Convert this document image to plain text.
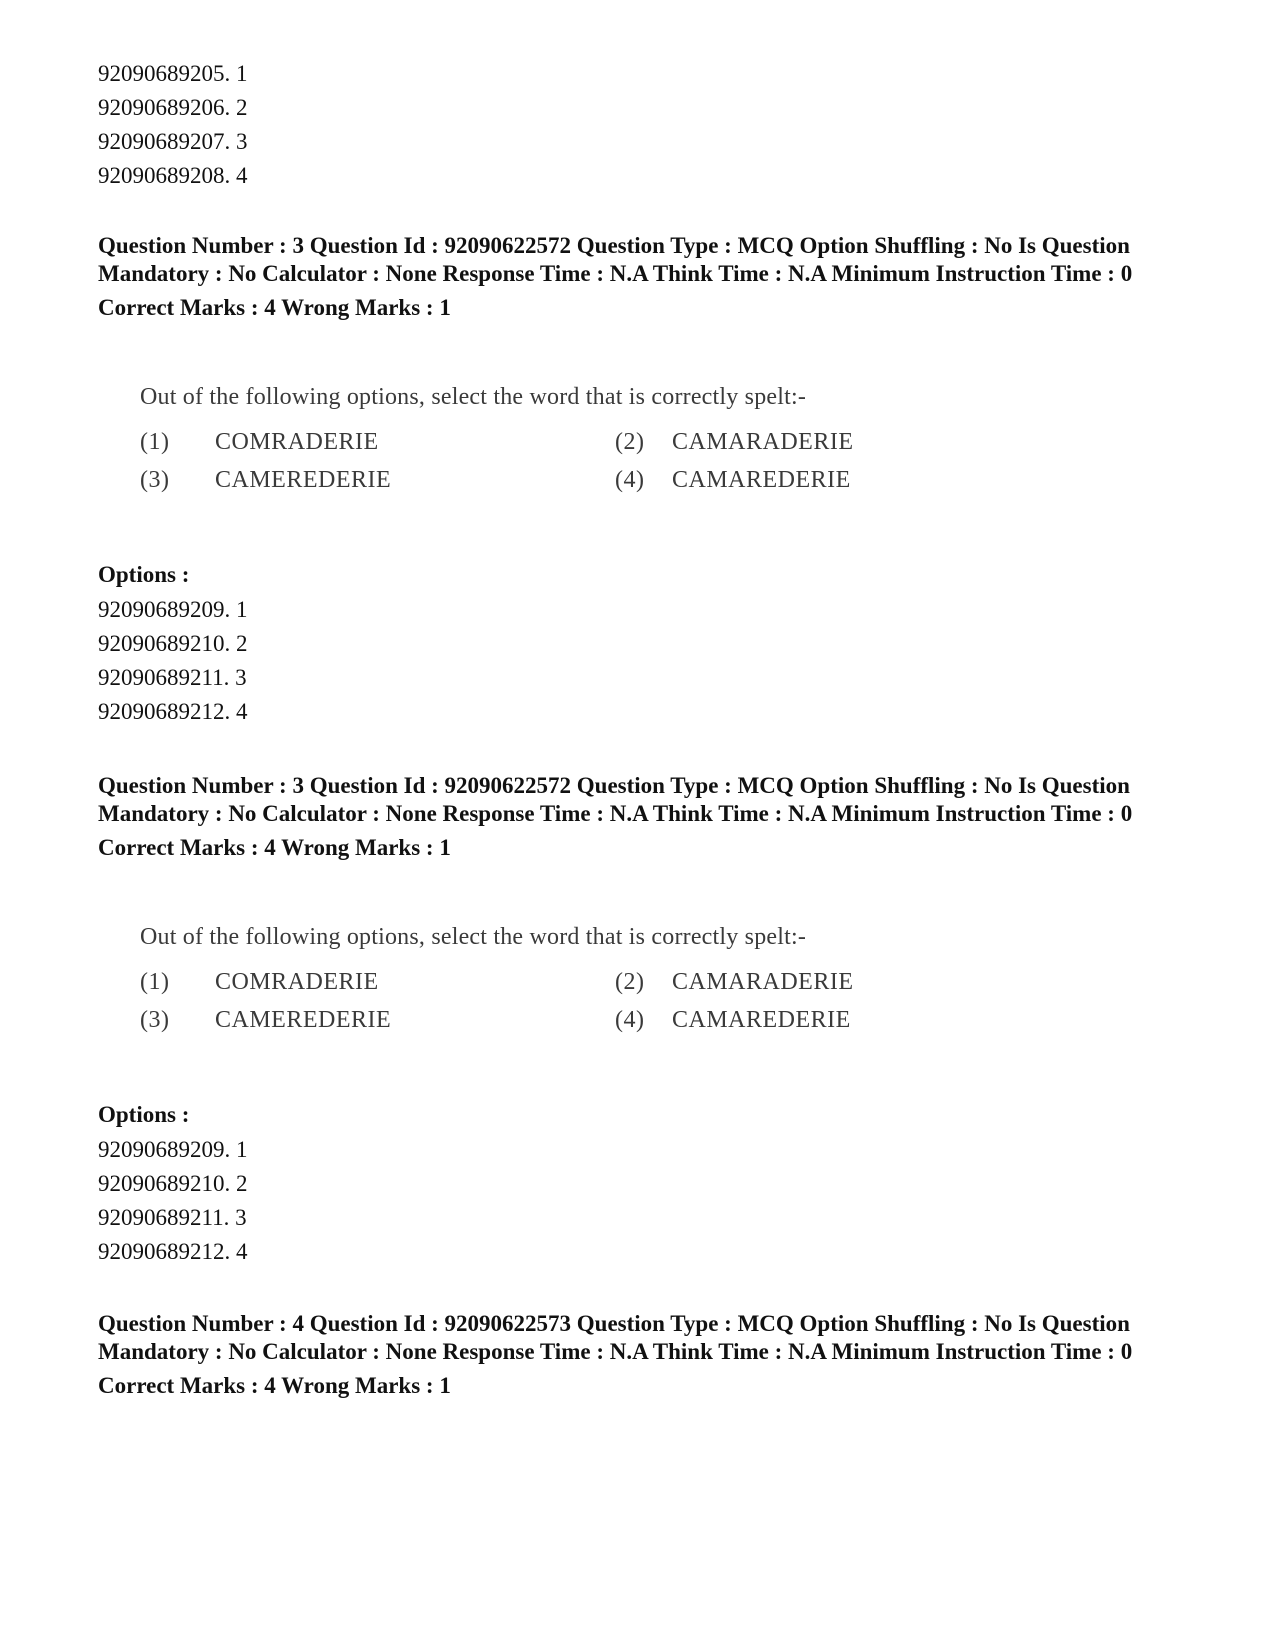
92090689205. 1
92090689206. 2
92090689207. 3
92090689208. 4
Question Number : 3 Question Id : 92090622572 Question Type : MCQ Option Shuffling : No Is Question Mandatory : No Calculator : None Response Time : N.A Think Time : N.A Minimum Instruction Time : 0
Correct Marks : 4 Wrong Marks : 1
Out of the following options, select the word that is correctly spelt:-
(1) COMRADERIE	(2) CAMARADERIE
(3) CAMEREDERIE	(4) CAMAREDERIE
Options :
92090689209. 1
92090689210. 2
92090689211. 3
92090689212. 4
Question Number : 3 Question Id : 92090622572 Question Type : MCQ Option Shuffling : No Is Question Mandatory : No Calculator : None Response Time : N.A Think Time : N.A Minimum Instruction Time : 0
Correct Marks : 4 Wrong Marks : 1
Out of the following options, select the word that is correctly spelt:-
(1) COMRADERIE	(2) CAMARADERIE
(3) CAMEREDERIE	(4) CAMAREDERIE
Options :
92090689209. 1
92090689210. 2
92090689211. 3
92090689212. 4
Question Number : 4 Question Id : 92090622573 Question Type : MCQ Option Shuffling : No Is Question Mandatory : No Calculator : None Response Time : N.A Think Time : N.A Minimum Instruction Time : 0
Correct Marks : 4 Wrong Marks : 1
